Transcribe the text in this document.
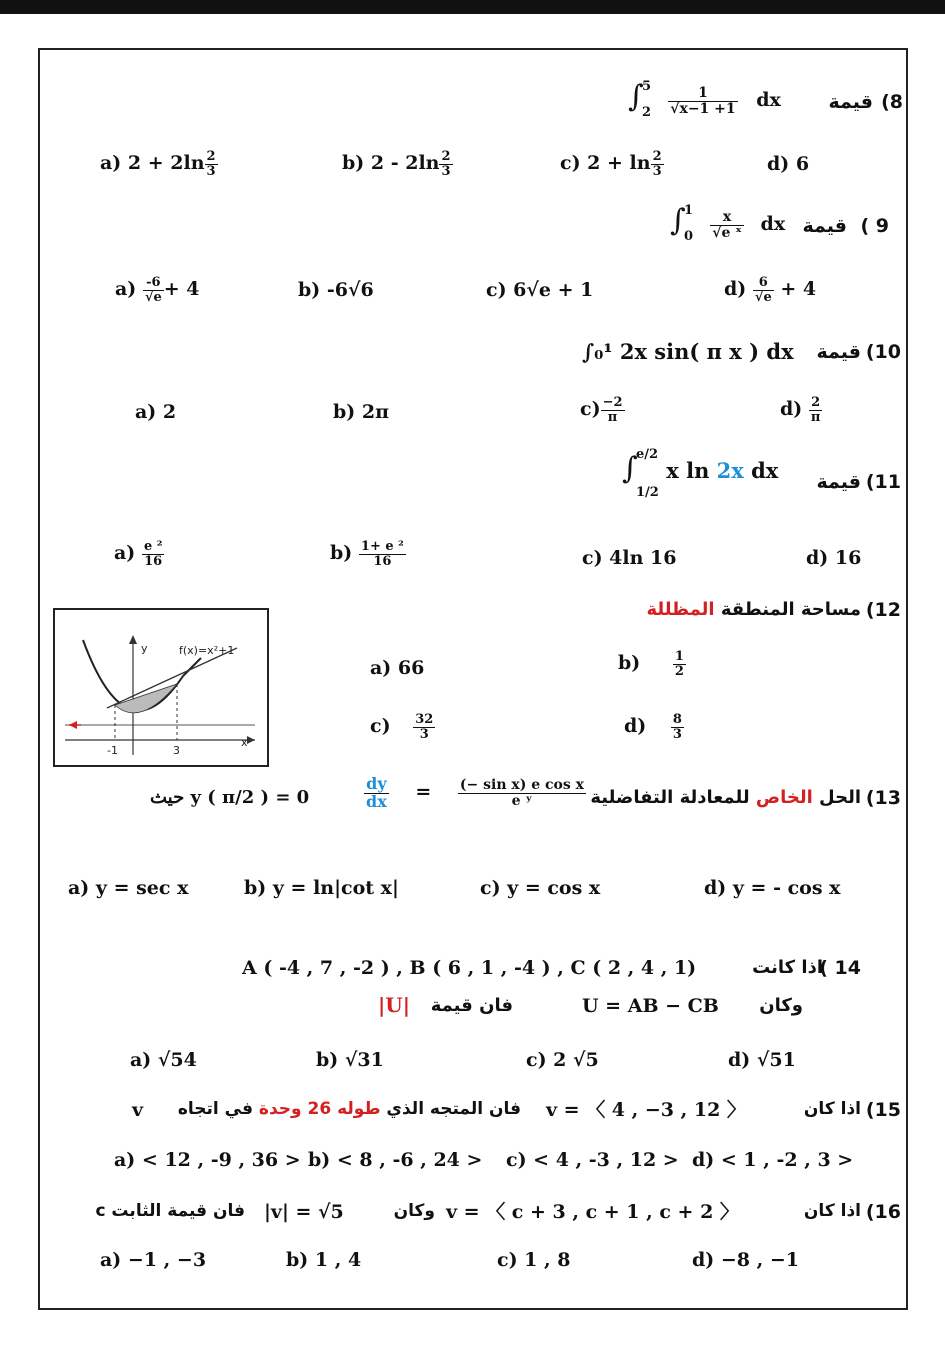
(8
قيمة
∫
5
2
$\frac{1}{√x-1 +1}$ dx
a) $2 + 2\ln \frac{2}{3}$	b) $2 - 2\ln \frac{2}{3}$	c) $2 + \ln \frac{2}{3}$	d) 6
( 9
قيمة
∫
1
0
$\frac{x}{\text{√e ˣ}}$ dx
$a) \frac{-6}{√e} + 4$	b) -6√6	c) 6√e + 1	$d) \frac{6}{√e} + 4$
(10
قيمة
∫₀¹ 2x sin( π x ) dx
a) 2	b) 2π	$c) \frac{-2}{\pi}$	$d) \frac{2}{\pi}$
(11
قيمة
∫
e/2
1/2
x ln 2x dx
$a) \frac{\text{e ²}}{16}$	$b) \frac{\text{1+ e ²}}{16}$	c) 4ln 16	d) 16
(12
مساحة المنطقة المظللة
y	f(x)=x²+1
x
-1	3
a) 66	b)	$\frac{1}{2}$
$c) \frac{32}{3}$	$d) \frac{8}{3}$
(13
الحل الخاص للمعادلة التفاضلية
$\frac{dy}{dx} = \frac{\text{(− sin x) e cos x}}{\text{e ʸ}}$
حيث y ( π/2 ) = 0
a) y = sec x	b) y = ln|cot x|	c) y = cos x	d) y = - cos x
( 14
اذا كانت
A ( -4 , 7 , -2 ) , B ( 6 , 1 , -4 ) , C ( 2 , 4 , 1)
وكان
U = AB − CB
فان قيمة
|U|
a) √54	b) √31	c) 2 √5	d) √51
(15
اذا كان
v = 〈 4 , −3 , 12 〉
فان المتجه الذي طوله 26 وحدة في اتجاه
v
a) < 12 , -9 , 36 > b) < 8 , -6 , 24 > c) < 4 , -3 , 12 > d) < 1 , -2 , 3 >
(16
اذا كان
v = 〈 c + 3 , c + 1 , c + 2 〉
وكان
|v| = √5
فان قيمة الثابت c
a) −1 , −3	b) 1 , 4	c) 1 , 8	d) −8 , −1
